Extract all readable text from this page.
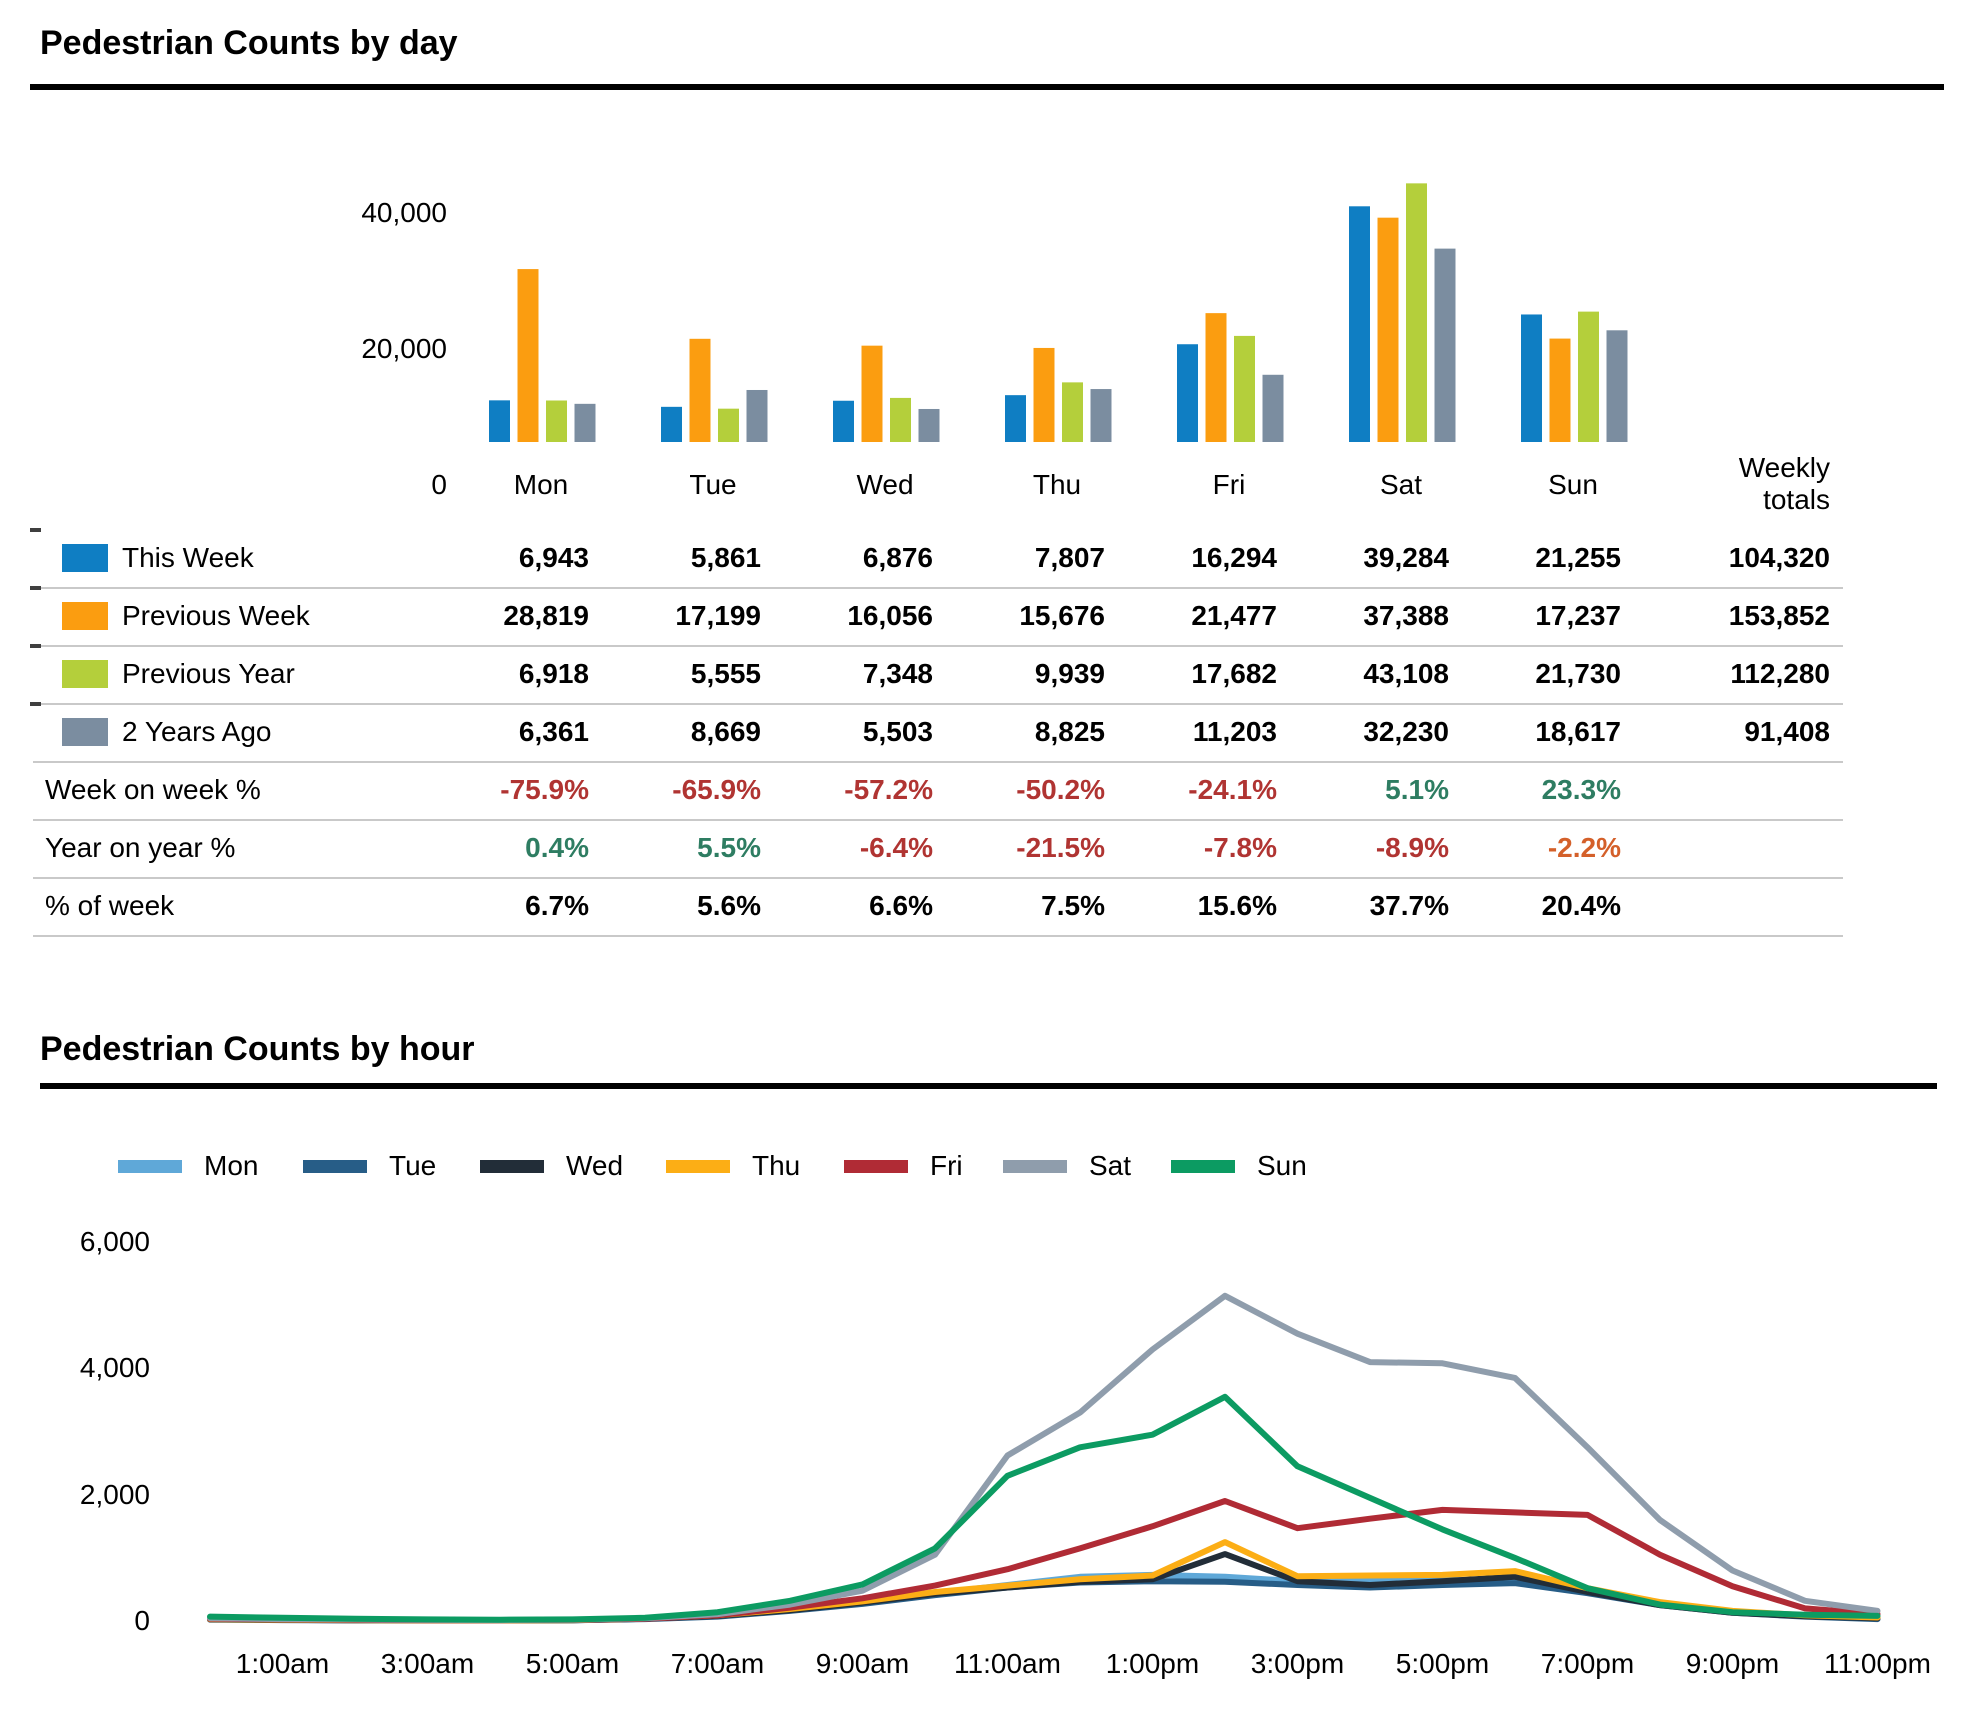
Pedestrian Counts by day
40,000
20,000
0	Mon	Tue	Wed	Thu	Fri	Sat	Sun
Weekly
totals
This Week	6,943	5,861	6,876	7,807	16,294	39,284	21,255	104,320
Previous Week	28,819	17,199	16,056	15,676	21,477	37,388	17,237	153,852
Previous Year	6,918	5,555	7,348	9,939	17,682	43,108	21,730	112,280
2 Years Ago	6,361	8,669	5,503	8,825	11,203	32,230	18,617	91,408
Week on week %	-75.9%	-65.9%	-57.2%	-50.2%	-24.1%	5.1%	23.3%
Year on year %	0.4%	5.5%	-6.4%	-21.5%	-7.8%	-8.9%	-2.2%
% of week	6.7%	5.6%	6.6%	7.5%	15.6%	37.7%	20.4%
Pedestrian Counts by hour
Mon	Tue	Wed	Thu	Fri	Sat	Sun
6,000
4,000
2,000
0
1:00am	3:00am	5:00am	7:00am	9:00am	11:00am	1:00pm	3:00pm	5:00pm	7:00pm	9:00pm	11:00pm
